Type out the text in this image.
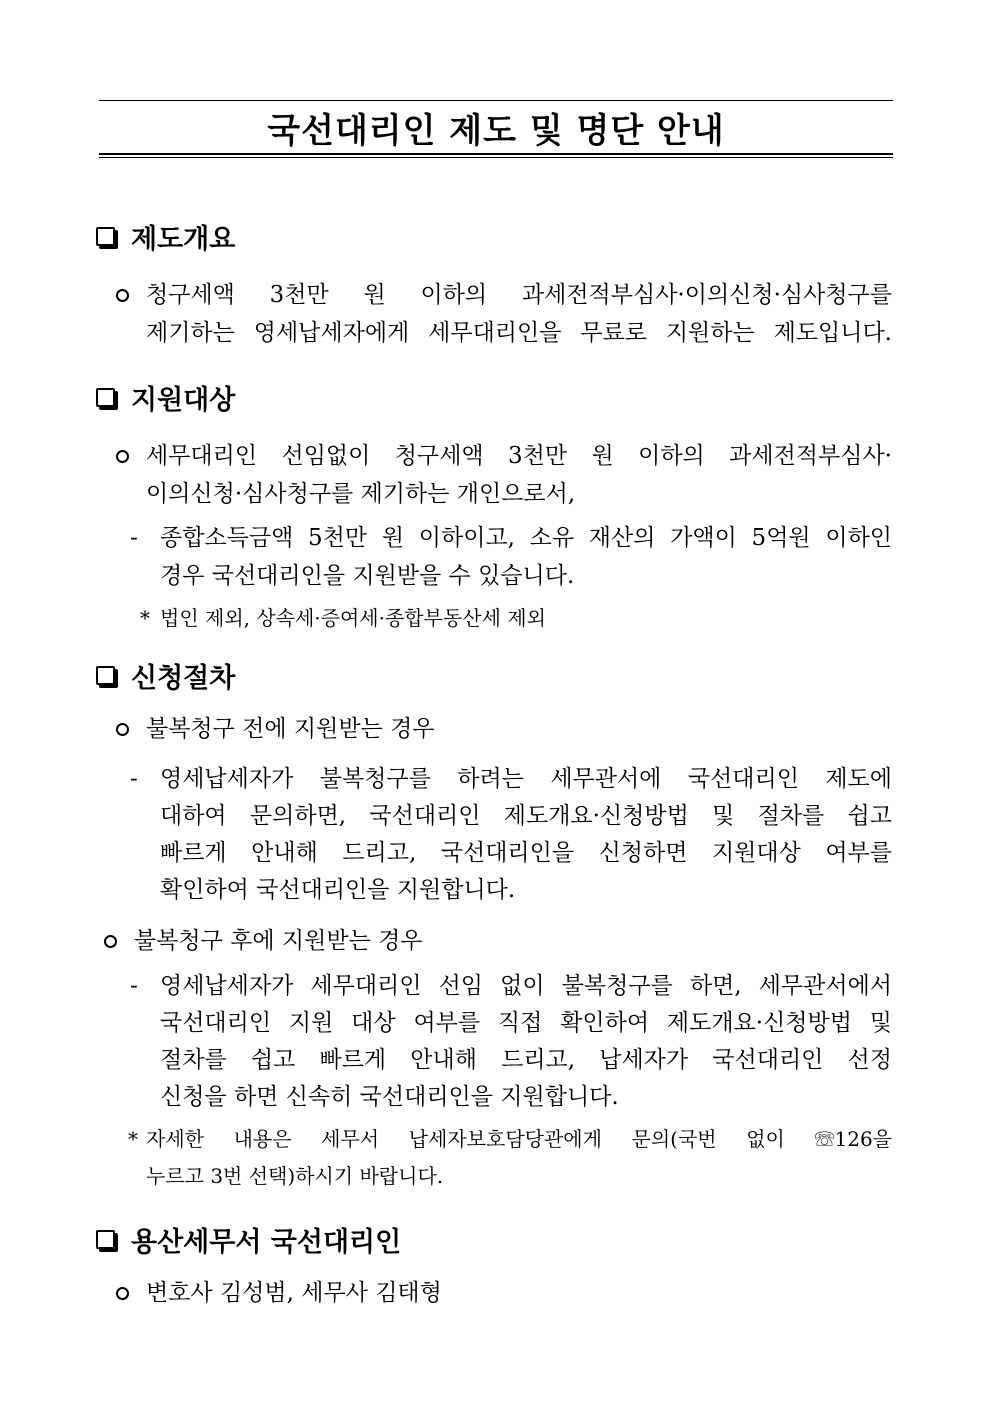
국선대리인 제도 및 명단 안내
제도개요
청구세액 3천만 원 이하의 과세전적부심사·이의신청·심사청구를
제기하는 영세납세자에게 세무대리인을 무료로 지원하는 제도입니다.
지원대상
세무대리인 선임없이 청구세액 3천만 원 이하의 과세전적부심사·
이의신청·심사청구를 제기하는 개인으로서,
- 종합소득금액 5천만 원 이하이고, 소유 재산의 가액이 5억원 이하인
경우 국선대리인을 지원받을 수 있습니다.
* 법인 제외, 상속세·증여세·종합부동산세 제외
신청절차
불복청구 전에 지원받는 경우
- 영세납세자가 불복청구를 하려는 세무관서에 국선대리인 제도에
대하여 문의하면, 국선대리인 제도개요·신청방법 및 절차를 쉽고
빠르게 안내해 드리고, 국선대리인을 신청하면 지원대상 여부를
확인하여 국선대리인을 지원합니다.
불복청구 후에 지원받는 경우
- 영세납세자가 세무대리인 선임 없이 불복청구를 하면, 세무관서에서
국선대리인 지원 대상 여부를 직접 확인하여 제도개요·신청방법 및
절차를 쉽고 빠르게 안내해 드리고, 납세자가 국선대리인 선정
신청을 하면 신속히 국선대리인을 지원합니다.
* 자세한 내용은 세무서 납세자보호담당관에게 문의(국번 없이 ☏126을
누르고 3번 선택)하시기 바랍니다.
용산세무서 국선대리인
변호사 김성범, 세무사 김태형
